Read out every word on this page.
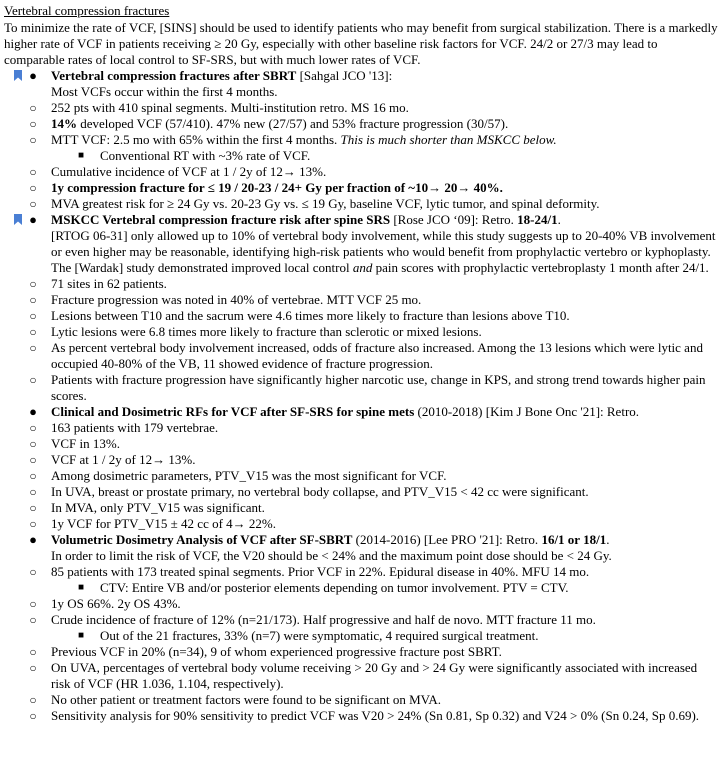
Vertebral compression fractures

To minimize the rate of VCF, [SINS] should be used to identify patients who may benefit from surgical stabilization. There is a markedly higher rate of VCF in patients receiving ≥ 20 Gy, especially with other baseline risk factors for VCF. 24/2 or 27/3 may lead to comparable rates of local control to SF-SRS, but with much lower rates of VCF.

● Vertebral compression fractures after SBRT [Sahgal JCO '13]:
Most VCFs occur within the first 4 months.
○ 252 pts with 410 spinal segments. Multi-institution retro. MS 16 mo.
○ 14% developed VCF (57/410). 47% new (27/57) and 53% fracture progression (30/57).
○ MTT VCF: 2.5 mo with 65% within the first 4 months. This is much shorter than MSKCC below.
■ Conventional RT with ~3% rate of VCF.
○ Cumulative incidence of VCF at 1 / 2y of 12→ 13%.
○ 1y compression fracture for ≤ 19 / 20-23 / 24+ Gy per fraction of ~10→ 20→ 40%.
○ MVA greatest risk for ≥ 24 Gy vs. 20-23 Gy vs. ≤ 19 Gy, baseline VCF, lytic tumor, and spinal deformity.
● MSKCC Vertebral compression fracture risk after spine SRS [Rose JCO ‘09]: Retro. 18-24/1.
[RTOG 06-31] only allowed up to 10% of vertebral body involvement, while this study suggests up to 20-40% VB involvement or even higher may be reasonable, identifying high-risk patients who would benefit from prophylactic vertebro or kyphoplasty. The [Wardak] study demonstrated improved local control and pain scores with prophylactic vertebroplasty 1 month after 24/1.
○ 71 sites in 62 patients.
○ Fracture progression was noted in 40% of vertebrae. MTT VCF 25 mo.
○ Lesions between T10 and the sacrum were 4.6 times more likely to fracture than lesions above T10.
○ Lytic lesions were 6.8 times more likely to fracture than sclerotic or mixed lesions.
○ As percent vertebral body involvement increased, odds of fracture also increased. Among the 13 lesions which were lytic and occupied 40-80% of the VB, 11 showed evidence of fracture progression.
○ Patients with fracture progression have significantly higher narcotic use, change in KPS, and strong trend towards higher pain scores.
● Clinical and Dosimetric RFs for VCF after SF-SRS for spine mets (2010-2018) [Kim J Bone Onc '21]: Retro.
○ 163 patients with 179 vertebrae.
○ VCF in 13%.
○ VCF at 1 / 2y of 12→ 13%.
○ Among dosimetric parameters, PTV_V15 was the most significant for VCF.
○ In UVA, breast or prostate primary, no vertebral body collapse, and PTV_V15 < 42 cc were significant.
○ In MVA, only PTV_V15 was significant.
○ 1y VCF for PTV_V15 ± 42 cc of 4→ 22%.
● Volumetric Dosimetry Analysis of VCF after SF-SBRT (2014-2016) [Lee PRO '21]: Retro. 16/1 or 18/1.
In order to limit the risk of VCF, the V20 should be < 24% and the maximum point dose should be < 24 Gy.
○ 85 patients with 173 treated spinal segments. Prior VCF in 22%. Epidural disease in 40%. MFU 14 mo.
■ CTV: Entire VB and/or posterior elements depending on tumor involvement. PTV = CTV.
○ 1y OS 66%. 2y OS 43%.
○ Crude incidence of fracture of 12% (n=21/173). Half progressive and half de novo. MTT fracture 11 mo.
■ Out of the 21 fractures, 33% (n=7) were symptomatic, 4 required surgical treatment.
○ Previous VCF in 20% (n=34), 9 of whom experienced progressive fracture post SBRT.
○ On UVA, percentages of vertebral body volume receiving > 20 Gy and > 24 Gy were significantly associated with increased risk of VCF (HR 1.036, 1.104, respectively).
○ No other patient or treatment factors were found to be significant on MVA.
○ Sensitivity analysis for 90% sensitivity to predict VCF was V20 > 24% (Sn 0.81, Sp 0.32) and V24 > 0% (Sn 0.24, Sp 0.69).
